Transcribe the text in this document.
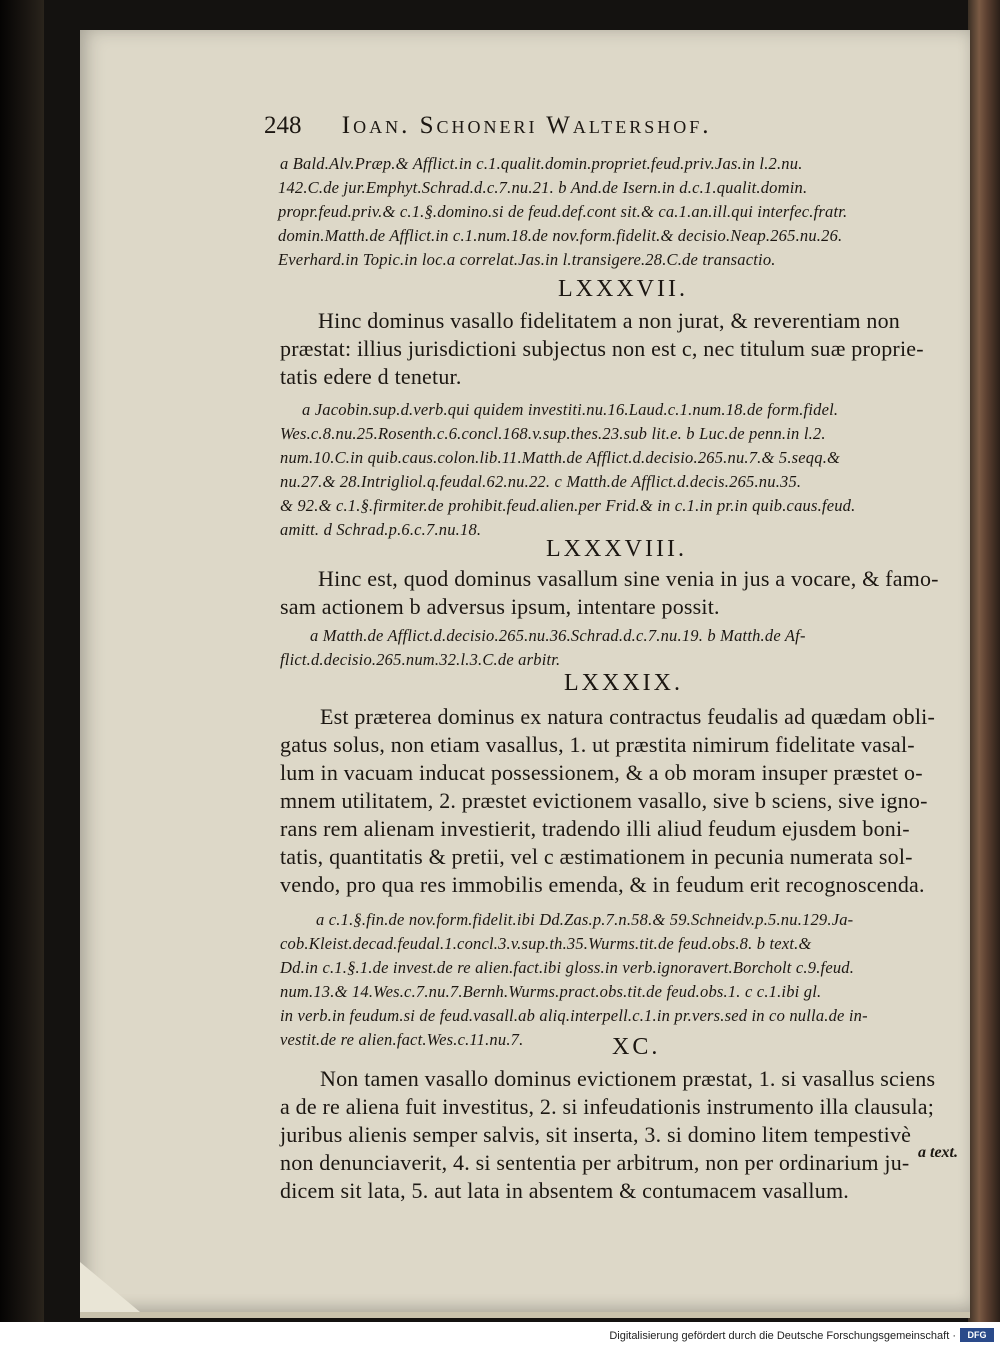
248 Ioan. Schoneri Waltershof.
a Bald.Alv.Præp.& Afflict.in c.1.qualit.domin.propriet.feud.priv.Jas.in l.2.nu.
142.C.de jur.Emphyt.Schrad.d.c.7.nu.21. b And.de Isern.in d.c.1.qualit.domin.
propr.feud.priv.& c.1.§.domino.si de feud.def.cont sit.& ca.1.an.ill.qui interfec.fratr.
domin.Matth.de Afflict.in c.1.num.18.de nov.form.fidelit.& decisio.Neap.265.nu.26.
Everhard.in Topic.in loc.a correlat.Jas.in l.transigere.28.C.de transactio.
LXXXVII.
Hinc dominus vasallo fidelitatem a non jurat, & reverentiam non
præstat: illius jurisdictioni subjectus non est c, nec titulum suæ proprie-
tatis edere d tenetur.
a Jacobin.sup.d.verb.qui quidem investiti.nu.16.Laud.c.1.num.18.de form.fidel.
Wes.c.8.nu.25.Rosenth.c.6.concl.168.v.sup.thes.23.sub lit.e. b Luc.de penn.in l.2.
num.10.C.in quib.caus.colon.lib.11.Matth.de Afflict.d.decisio.265.nu.7.& 5.seqq.&
nu.27.& 28.Intrigliol.q.feudal.62.nu.22. c Matth.de Afflict.d.decis.265.nu.35.
& 92.& c.1.§.firmiter.de prohibit.feud.alien.per Frid.& in c.1.in pr.in quib.caus.feud.
amitt. d Schrad.p.6.c.7.nu.18.
LXXXVIII.
Hinc est, quod dominus vasallum sine venia in jus a vocare, & famo-
sam actionem b adversus ipsum, intentare possit.
a Matth.de Afflict.d.decisio.265.nu.36.Schrad.d.c.7.nu.19. b Matth.de Af-
flict.d.decisio.265.num.32.l.3.C.de arbitr.
LXXXIX.
Est præterea dominus ex natura contractus feudalis ad quædam obli-
gatus solus, non etiam vasallus, 1. ut præstita nimirum fidelitate vasal-
lum in vacuam inducat possessionem, & a ob moram insuper præstet o-
mnem utilitatem, 2. præstet evictionem vasallo, sive b sciens, sive igno-
rans rem alienam investierit, tradendo illi aliud feudum ejusdem boni-
tatis, quantitatis & pretii, vel c æstimationem in pecunia numerata sol-
vendo, pro qua res immobilis emenda, & in feudum erit recognoscenda.
a c.1.§.fin.de nov.form.fidelit.ibi Dd.Zas.p.7.n.58.& 59.Schneidv.p.5.nu.129.Ja-
cob.Kleist.decad.feudal.1.concl.3.v.sup.th.35.Wurms.tit.de feud.obs.8. b text.&
Dd.in c.1.§.1.de invest.de re alien.fact.ibi gloss.in verb.ignoravert.Borcholt c.9.feud.
num.13.& 14.Wes.c.7.nu.7.Bernh.Wurms.pract.obs.tit.de feud.obs.1. c c.1.ibi gl.
in verb.in feudum.si de feud.vasall.ab aliq.interpell.c.1.in pr.vers.sed in co nulla.de in-
vestit.de re alien.fact.Wes.c.11.nu.7.	XC.
Non tamen vasallo dominus evictionem præstat, 1. si vasallus sciens
a de re aliena fuit investitus, 2. si infeudationis instrumento illa clausula;
juribus alienis semper salvis, sit inserta, 3. si domino litem tempestivè
non denunciaverit, 4. si sententia per arbitrum, non per ordinarium ju-
dicem sit lata, 5. aut lata in absentem & contumacem vasallum.
a text.
Digitalisierung gefördert durch die Deutsche Forschungsgemeinschaft ·	DFG
